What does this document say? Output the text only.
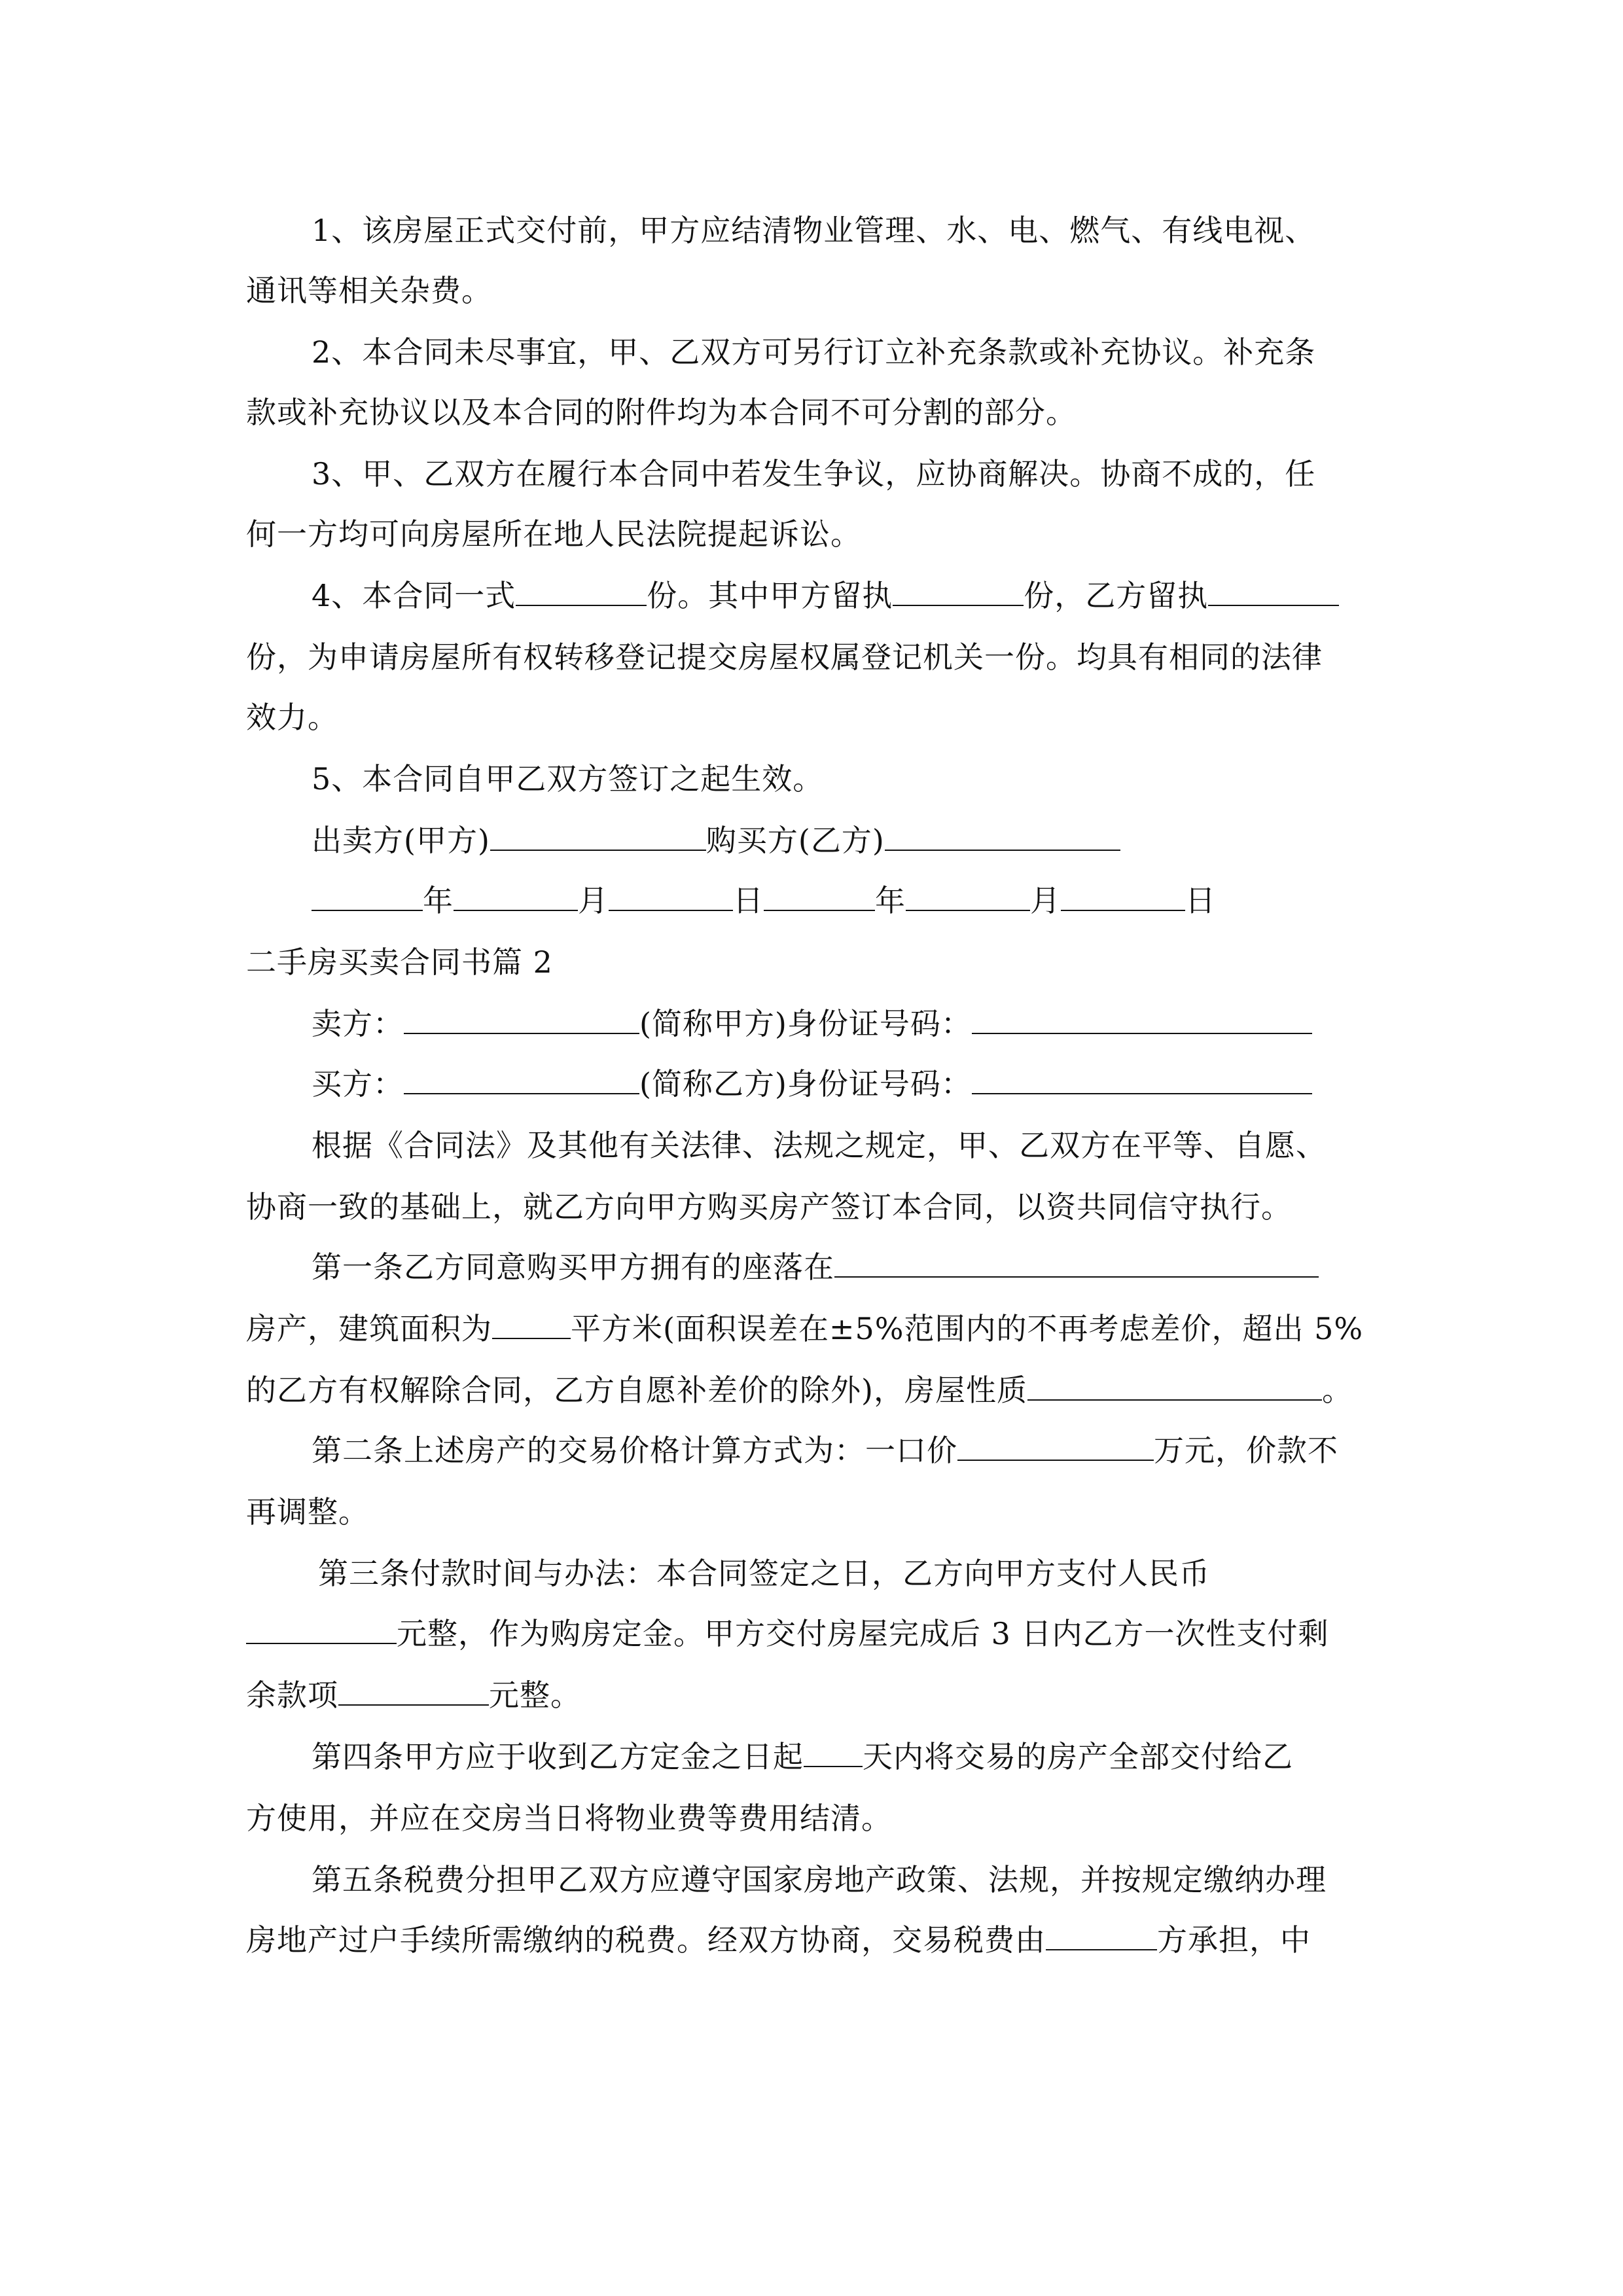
1、该房屋正式交付前，甲方应结清物业管理、水、电、燃气、有线电视、
通讯等相关杂费。
2、本合同未尽事宜，甲、乙双方可另行订立补充条款或补充协议。补充条
款或补充协议以及本合同的附件均为本合同不可分割的部分。
3、甲、乙双方在履行本合同中若发生争议，应协商解决。协商不成的，任
何一方均可向房屋所在地人民法院提起诉讼。
4、本合同一式	份。其中甲方留执	份，乙方留执
份，为申请房屋所有权转移登记提交房屋权属登记机关一份。均具有相同的法律
效力。
5、本合同自甲乙双方签订之起生效。
出卖方(甲方)	购买方(乙方)
年	月	日	年	月	日
二手房买卖合同书篇 2
卖方：	(简称甲方)身份证号码：
买方：	(简称乙方)身份证号码：
根据《合同法》及其他有关法律、法规之规定，甲、乙双方在平等、自愿、
协商一致的基础上，就乙方向甲方购买房产签订本合同，以资共同信守执行。
第一条乙方同意购买甲方拥有的座落在
房产，建筑面积为	平方米(面积误差在±5%范围内的不再考虑差价，超出 5%
的乙方有权解除合同，乙方自愿补差价的除外)，房屋性质	。
第二条上述房产的交易价格计算方式为：一口价	万元，价款不
再调整。
第三条付款时间与办法：本合同签定之日，乙方向甲方支付人民币
元整，作为购房定金。甲方交付房屋完成后 3 日内乙方一次性支付剩
余款项	元整。
第四条甲方应于收到乙方定金之日起 天内将交易的房产全部交付给乙
方使用，并应在交房当日将物业费等费用结清。
第五条税费分担甲乙双方应遵守国家房地产政策、法规，并按规定缴纳办理
房地产过户手续所需缴纳的税费。经双方协商，交易税费由	方承担，中
